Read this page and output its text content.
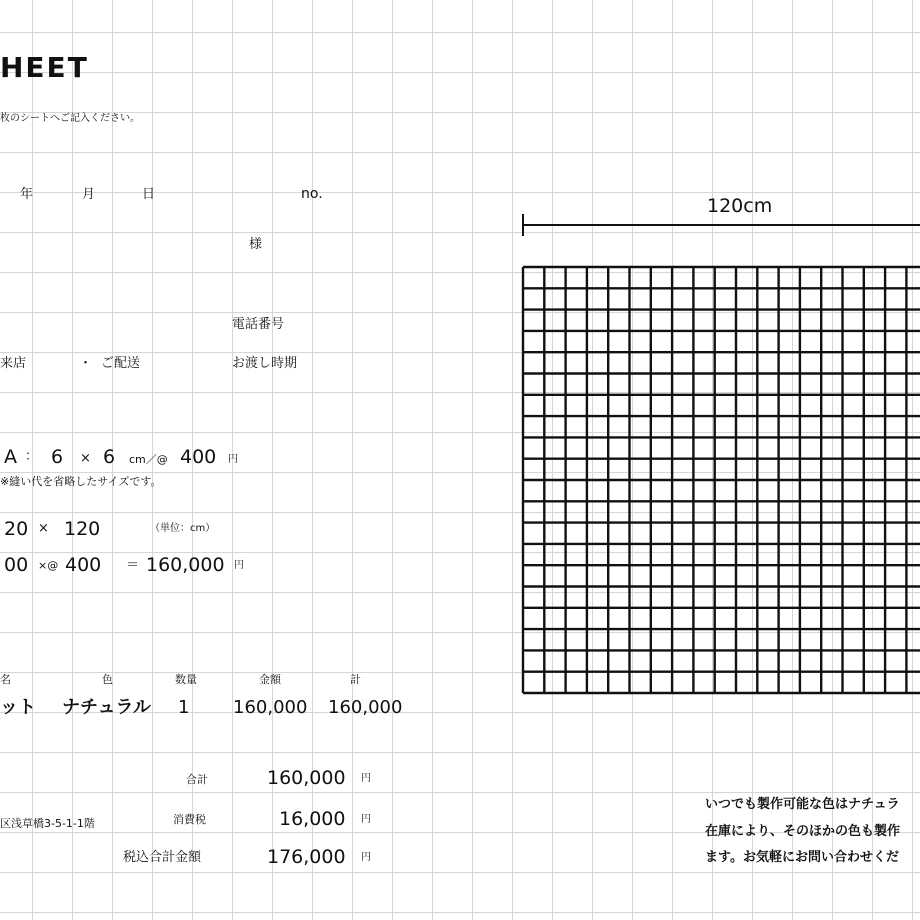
HEET
枚のシートへご記入ください。
年	月	日	no.
様
電話番号
来店	・ ご配送	お渡し時期
A ： 6 × 6 cm／@ 400 円
※縫い代を省略したサイズです。
20 × 120	（単位：cm）
00 ×@ 400 ＝ 160,000 円
名	色	数量	金額	計
ット ナチュラル 1 160,000 160,000
合計	160,000 円
区浅草橋3-5-1-1階	消費税	16,000 円
税込合計金額	176,000 円
120cm
いつでも製作可能な色はナチュラ
在庫により、そのほかの色も製作
ます。お気軽にお問い合わせくだ
